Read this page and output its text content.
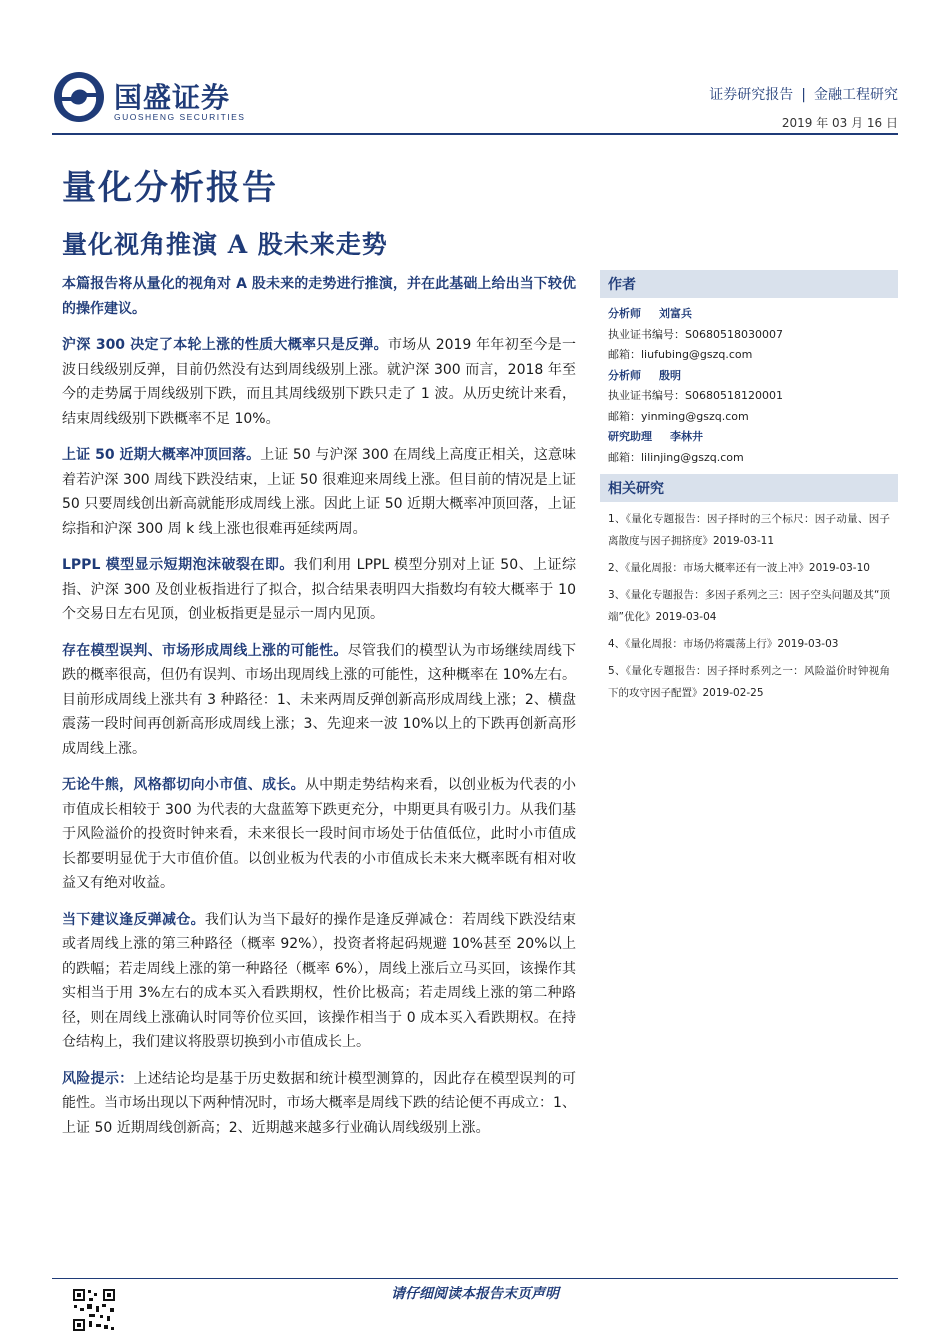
国盛证券
GUOSHENG SECURITIES
证券研究报告 | 金融工程研究
2019 年 03 月 16 日
量化分析报告
量化视角推演 A 股未来走势

本篇报告将从量化的视角对 A 股未来的走势进行推演，并在此基础上给出当下较优的操作建议。

沪深 300 决定了本轮上涨的性质大概率只是反弹。市场从 2019 年年初至今是一波日线级别反弹，目前仍然没有达到周线级别上涨。就沪深 300 而言，2018 年至今的走势属于周线级别下跌，而且其周线级别下跌只走了 1 波。从历史统计来看，结束周线级别下跌概率不足 10%。

上证 50 近期大概率冲顶回落。上证 50 与沪深 300 在周线上高度正相关，这意味着若沪深 300 周线下跌没结束，上证 50 很难迎来周线上涨。但目前的情况是上证 50 只要周线创出新高就能形成周线上涨。因此上证 50 近期大概率冲顶回落，上证综指和沪深 300 周 k 线上涨也很难再延续两周。

LPPL 模型显示短期泡沫破裂在即。我们利用 LPPL 模型分别对上证 50、上证综指、沪深 300 及创业板指进行了拟合，拟合结果表明四大指数均有较大概率于 10 个交易日左右见顶，创业板指更是显示一周内见顶。

存在模型误判、市场形成周线上涨的可能性。尽管我们的模型认为市场继续周线下跌的概率很高，但仍有误判、市场出现周线上涨的可能性，这种概率在 10%左右。目前形成周线上涨共有 3 种路径：1、未来两周反弹创新高形成周线上涨；2、横盘震荡一段时间再创新高形成周线上涨；3、先迎来一波 10%以上的下跌再创新高形成周线上涨。

无论牛熊，风格都切向小市值、成长。从中期走势结构来看，以创业板为代表的小市值成长相较于 300 为代表的大盘蓝筹下跌更充分，中期更具有吸引力。从我们基于风险溢价的投资时钟来看，未来很长一段时间市场处于估值低位，此时小市值成长都要明显优于大市值价值。以创业板为代表的小市值成长未来大概率既有相对收益又有绝对收益。

当下建议逢反弹减仓。我们认为当下最好的操作是逢反弹减仓：若周线下跌没结束或者周线上涨的第三种路径（概率 92%），投资者将起码规避 10%甚至 20%以上的跌幅；若走周线上涨的第一种路径（概率 6%），周线上涨后立马买回，该操作其实相当于用 3%左右的成本买入看跌期权，性价比极高；若走周线上涨的第二种路径，则在周线上涨确认时同等价位买回，该操作相当于 0 成本买入看跌期权。在持仓结构上，我们建议将股票切换到小市值成长上。

风险提示：上述结论均是基于历史数据和统计模型测算的，因此存在模型误判的可能性。当市场出现以下两种情况时，市场大概率是周线下跌的结论便不再成立：1、上证 50 近期周线创新高；2、近期越来越多行业确认周线级别上涨。

作者
分析师 刘富兵
执业证书编号：S0680518030007
邮箱：liufubing@gszq.com
分析师 殷明
执业证书编号：S0680518120001
邮箱：yinming@gszq.com
研究助理 李林井
邮箱：lilinjing@gszq.com
相关研究
1、《量化专题报告：因子择时的三个标尺：因子动量、因子离散度与因子拥挤度》2019-03-11
2、《量化周报：市场大概率还有一波上冲》2019-03-10
3、《量化专题报告：多因子系列之三：因子空头问题及其“顶端”优化》2019-03-04
4、《量化周报：市场仍将震荡上行》2019-03-03
5、《量化专题报告：因子择时系列之一：风险溢价时钟视角下的攻守因子配置》2019-02-25
请仔细阅读本报告末页声明
